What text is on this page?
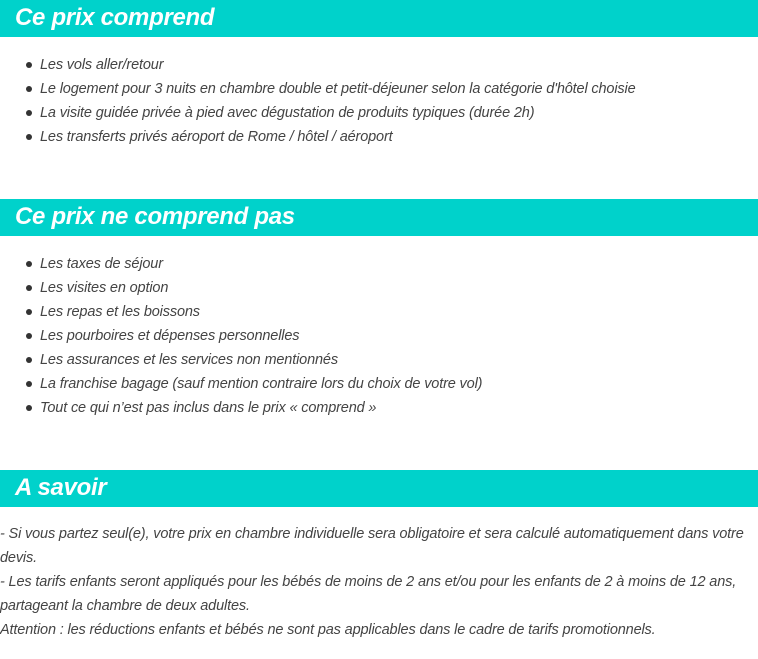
Ce prix comprend
Les vols aller/retour
Le logement pour 3 nuits en chambre double et petit-déjeuner selon la catégorie d'hôtel choisie
La visite guidée privée à pied avec dégustation de produits typiques (durée 2h)
Les transferts privés aéroport de Rome / hôtel / aéroport
Ce prix ne comprend pas
Les taxes de séjour
Les visites en option
Les repas et les boissons
Les pourboires et dépenses personnelles
Les assurances et les services non mentionnés
La franchise bagage (sauf mention contraire lors du choix de votre vol)
Tout ce qui n’est pas inclus dans le prix « comprend »
A savoir

- Si vous partez seul(e), votre prix en chambre individuelle sera obligatoire et sera calculé automatiquement dans votre devis.

- Les tarifs enfants seront appliqués pour les bébés de moins de 2 ans et/ou pour les enfants de 2 à moins de 12 ans, partageant la chambre de deux adultes.

Attention : les réductions enfants et bébés ne sont pas applicables dans le cadre de tarifs promotionnels.
